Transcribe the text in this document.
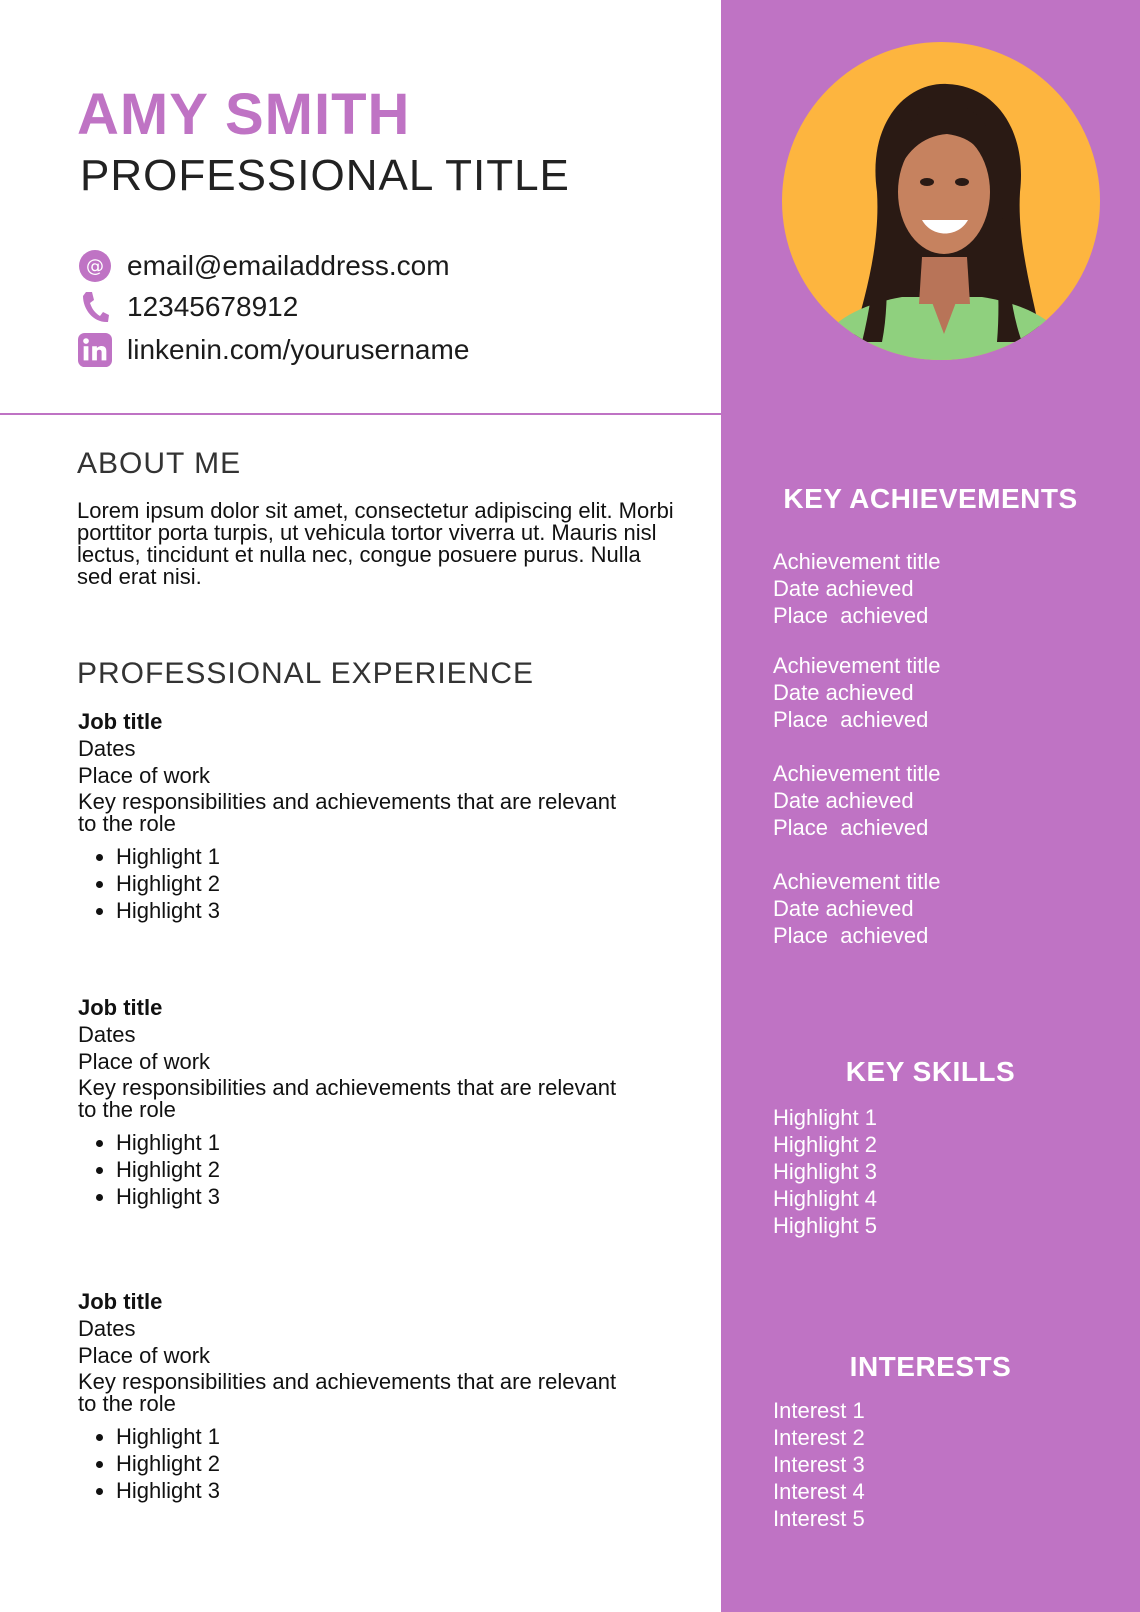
AMY SMITH
PROFESSIONAL TITLE
@ email@emailaddress.com
12345678912
linkenin.com/yourusername
ABOUT ME

Lorem ipsum dolor sit amet, consectetur adipiscing elit. Morbi porttitor porta turpis, ut vehicula tortor viverra ut. Mauris nisl lectus, tincidunt et nulla nec, congue posuere purus. Nulla sed erat nisi.

PROFESSIONAL EXPERIENCE
Job title
Dates
Place of work
Key responsibilities and achievements that are relevant to the role
• Highlight 1
• Highlight 2
• Highlight 3
Job title
Dates
Place of work
Key responsibilities and achievements that are relevant to the role
• Highlight 1
• Highlight 2
• Highlight 3
Job title
Dates
Place of work
Key responsibilities and achievements that are relevant to the role
• Highlight 1
• Highlight 2
• Highlight 3
KEY ACHIEVEMENTS
Achievement title
Date achieved
Place  achieved
Achievement title
Date achieved
Place  achieved
Achievement title
Date achieved
Place  achieved
Achievement title
Date achieved
Place  achieved
KEY SKILLS
Highlight 1
Highlight 2
Highlight 3
Highlight 4
Highlight 5
INTERESTS
Interest 1
Interest 2
Interest 3
Interest 4
Interest 5
